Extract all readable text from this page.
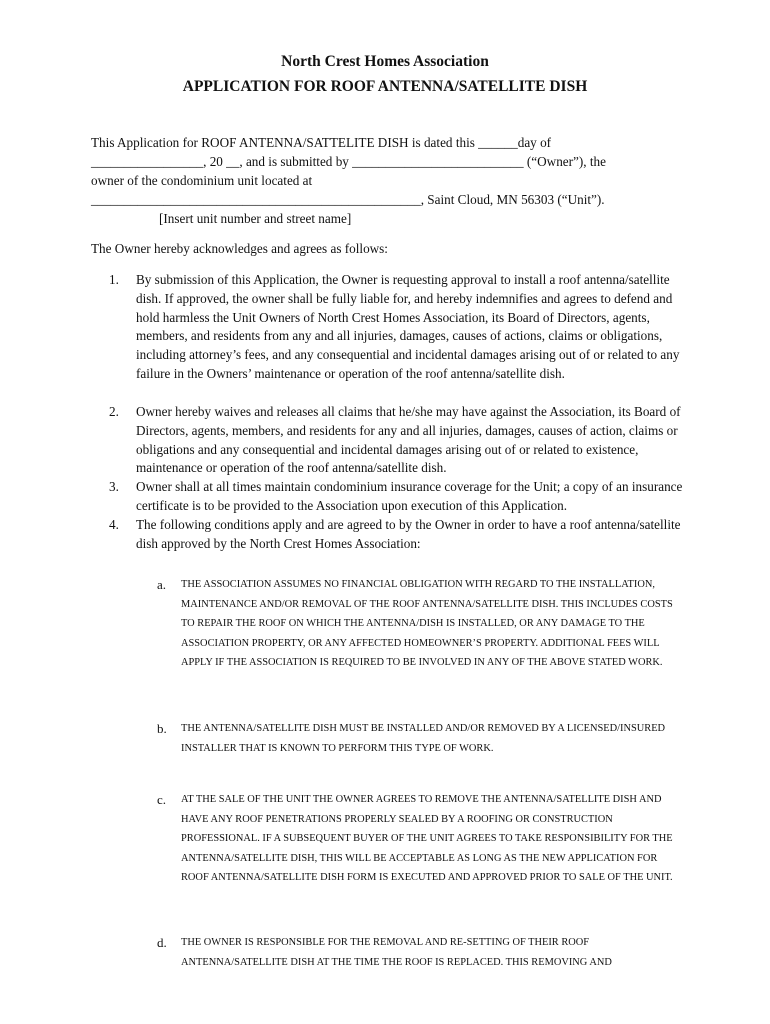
North Crest Homes Association
APPLICATION FOR ROOF ANTENNA/SATELLITE DISH
This Application for ROOF ANTENNA/SATTELITE DISH is dated this ______day of
_________________, 20 __, and is submitted by __________________________ (“Owner”), the
owner of the condominium unit located at
__________________________________________________, Saint Cloud, MN 56303 (“Unit”).
[Insert unit number and street name]

The Owner hereby acknowledges and agrees as follows:

1. By submission of this Application, the Owner is requesting approval to install a roof antenna/satellite dish. If approved, the owner shall be fully liable for, and hereby indemnifies and agrees to defend and hold harmless the Unit Owners of North Crest Homes Association, its Board of Directors, agents, members, and residents from any and all injuries, damages, causes of actions, claims or obligations, including attorney’s fees, and any consequential and incidental damages arising out of or related to any failure in the Owners’ maintenance or operation of the roof antenna/satellite dish.
2. Owner hereby waives and releases all claims that he/she may have against the Association, its Board of Directors, agents, members, and residents for any and all injuries, damages, causes of action, claims or obligations and any consequential and incidental damages arising out of or related to existence, maintenance or operation of the roof antenna/satellite dish.
3. Owner shall at all times maintain condominium insurance coverage for the Unit; a copy of an insurance certificate is to be provided to the Association upon execution of this Application.
4. The following conditions apply and are agreed to by the Owner in order to have a roof antenna/satellite dish approved by the North Crest Homes Association:
a. THE ASSOCIATION ASSUMES NO FINANCIAL OBLIGATION WITH REGARD TO THE INSTALLATION, MAINTENANCE AND/OR REMOVAL OF THE ROOF ANTENNA/SATELLITE DISH. THIS INCLUDES COSTS TO REPAIR THE ROOF ON WHICH THE ANTENNA/DISH IS INSTALLED, OR ANY DAMAGE TO THE ASSOCIATION PROPERTY, OR ANY AFFECTED HOMEOWNER’S PROPERTY. ADDITIONAL FEES WILL APPLY IF THE ASSOCIATION IS REQUIRED TO BE INVOLVED IN ANY OF THE ABOVE STATED WORK.
b. THE ANTENNA/SATELLITE DISH MUST BE INSTALLED AND/OR REMOVED BY A LICENSED/INSURED INSTALLER THAT IS KNOWN TO PERFORM THIS TYPE OF WORK.
c. AT THE SALE OF THE UNIT THE OWNER AGREES TO REMOVE THE ANTENNA/SATELLITE DISH AND HAVE ANY ROOF PENETRATIONS PROPERLY SEALED BY A ROOFING OR CONSTRUCTION PROFESSIONAL. IF A SUBSEQUENT BUYER OF THE UNIT AGREES TO TAKE RESPONSIBILITY FOR THE ANTENNA/SATELLITE DISH, THIS WILL BE ACCEPTABLE AS LONG AS THE NEW APPLICATION FOR ROOF ANTENNA/SATELLITE DISH FORM IS EXECUTED AND APPROVED PRIOR TO SALE OF THE UNIT.
d. THE OWNER IS RESPONSIBLE FOR THE REMOVAL AND RE-SETTING OF THEIR ROOF ANTENNA/SATELLITE DISH AT THE TIME THE ROOF IS REPLACED. THIS REMOVING AND
